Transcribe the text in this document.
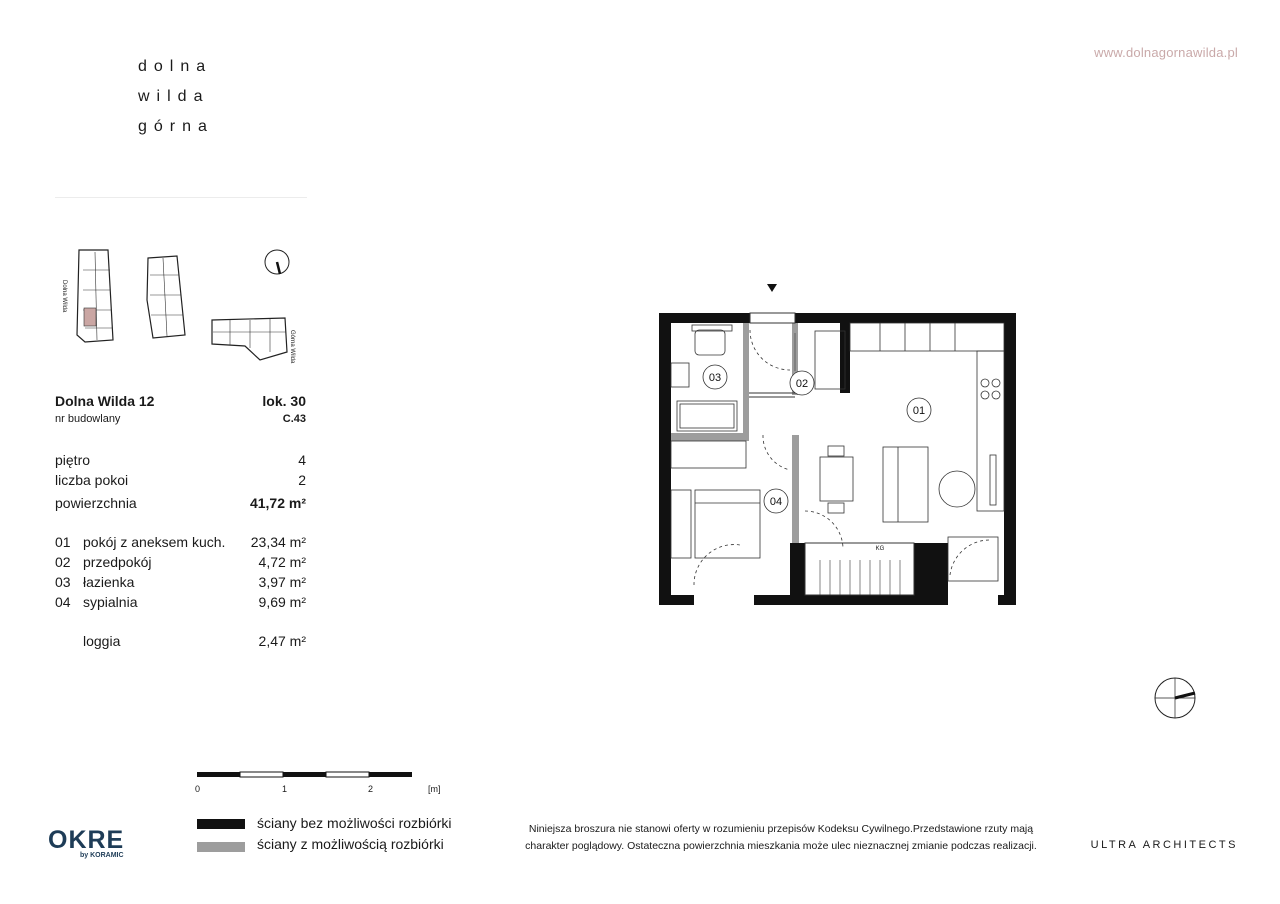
dolna
wilda
górna
www.dolnagornawilda.pl
Dolna Wilda
Górna Wilda
Dolna Wilda 12
nr budowlany
lok. 30
C.43
piętro	4
liczba pokoi	2
powierzchnia	41,72 m²
01 pokój z aneksem kuch.	23,34 m²
02 przedpokój	4,72 m²
03 łazienka	3,97 m²
04 sypialnia	9,69 m²
loggia	2,47 m²
01
02
03
04
KG
0	1	2	[m]
ściany bez możliwości rozbiórki
ściany z możliwością rozbiórki
Niniejsza broszura nie stanowi oferty w rozumieniu przepisów Kodeksu Cywilnego.Przedstawione rzuty mają
charakter poglądowy. Ostateczna powierzchnia mieszkania może ulec nieznacznej zmianie podczas realizacji.
OKRE
by KORAMIC
ULTRA ARCHITECTS
